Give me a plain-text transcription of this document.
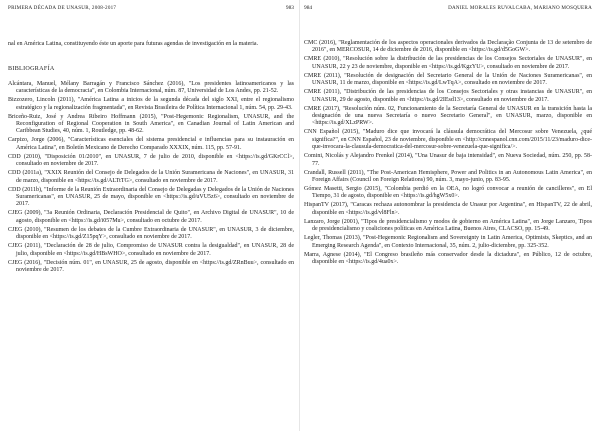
PRIMERA DÉCADA DE UNASUR, 2008-2017	983

nal en América Latina, constituyendo éste un aporte para futuras agendas de investigación en la materia.

BIBLIOGRAFÍA

Alcántara, Manuel, Mélany Barragán y Francisco Sánchez (2016), "Los presidentes latinoamericanos y las características de la democracia", en Colombia Internacional, núm. 87, Universidad de Los Andes, pp. 21-52.

Bizzozero, Lincoln (2011), "América Latina a inicios de la segunda década del siglo XXI, entre el regionalismo estratégico y la regionalización fragmentada", en Revista Brasileira de Política Internacional 1, núm. 54, pp. 29-43.

Briceño-Ruiz, José y Andrea Ribeiro Hoffmann (2015), "Post-Hegemonic Regionalism, UNASUR, and the Reconfiguration of Regional Cooperation in South America", en Canadian Journal of Latin American and Caribbean Studies, 40, núm. 1, Routledge, pp. 48-62.

Carpizo, Jorge (2006), "Características esenciales del sistema presidencial e influencias para su instauración en América Latina", en Boletín Mexicano de Derecho Comparado XXXIX, núm. 115, pp. 57-91.

CDD (2010), "Disposición 01/2010", en UNASUR, 7 de julio de 2010, disponible en <https://is.gd/GKrCCl>, consultado en noviembre de 2017.

CDD (2011a), "XXIX Reunión del Consejo de Delegados de la Unión Suramericana de Naciones", en UNASUR, 31 de marzo, disponible en <https://is.gd/ALTtTG>, consultado en noviembre de 2017.

CDD (2011b), "Informe de la Reunión Extraordinaria del Consejo de Delegadas y Delegados de la Unión de Naciones Suramericanas", en UNASUR, 25 de mayo, disponible en <https://is.gd/uVU5z6>, consultado en noviembre de 2017.

CJEG (2009), "3a Reunión Ordinaria, Declaración Presidencial de Quito", en Archivo Digital de UNASUR", 10 de agosto, disponible en <https://is.gd/i057Mu>, consultado en octubre de 2017.

CJEG (2010), "Resumen de los debates de la Cumbre Extraordinaria de UNASUR", en UNASUR, 3 de diciembre, disponible en <https://is.gd/Z15pqY>, consultado en noviembre de 2017.

CJEG (2011), "Declaración de 28 de julio, Compromiso de UNASUR contra la desigualdad", en UNASUR, 28 de julio, disponible en <https://is.gd/HBsWHO>, consultado en noviembre de 2017.

CJEG (2016), "Decisión núm. 01", en UNASUR, 25 de agosto, disponible en <https://is.gd/ZRnBuu>, consultado en noviembre de 2017.

984	DANIEL MORALES RUVALCABA, MARIANO MOSQUERA

CMC (2016), "Reglamentación de los aspectos operacionales derivados da Declaração Conjunta de 13 de setembro de 2016", en MERCOSUR, 14 de diciembre de 2016, disponible en <https://is.gd/d5GoGW>.

CMRE (2010), "Resolución sobre la distribución de las presidencias de los Consejos Sectoriales de UNASUR", en UNASUR, 22 y 23 de noviembre, disponible en <https://is.gd/KgzYU>, consultado en noviembre de 2017.

CMRE (2011), "Resolución de designación del Secretario General de la Unión de Naciones Suramericanas", en UNASUR, 11 de marzo, disponible en <https://is.gd/LwTqA>, consultado en noviembre de 2017.

CMRE (2011), "Distribución de las presidencias de los Consejos Sectoriales y otras instancias de UNASUR", en UNASUR, 29 de agosto, disponible en <https://is.gd/2IEsd13>, consultado en noviembre de 2017.

CMRE (2017), "Resolución núm. 02, Funcionamiento de la Secretaría General de UNASUR en la transición hasta la designación de una nueva Secretaría o nuevo Secretario General", en UNASUR, marzo, disponible en <https://is.gd/XLzPRW>.

CNN Español (2015), "Maduro dice que invocará la cláusula democrática del Mercosur sobre Venezuela, ¿qué significa?", en CNN Español, 23 de noviembre, disponible en <http://cnnespanol.cnn.com/2015/11/23/maduro-dice-que-invocara-la-clausula-democratica-del-mercosur-sobre-venezuela-que-significa/>.

Comini, Nicolás y Alejandro Frenkel (2014), "Una Unasur de baja intensidad", en Nueva Sociedad, núm. 250, pp. 58-77.

Crandall, Russell (2011), "The Post-American Hemisphere, Power and Politics in an Autonomous Latin America", en Foreign Affairs (Council on Foreign Relations) 90, núm. 3, mayo-junio, pp. 83-95.

Gómez Masetti, Sergio (2015), "Colombia perdió en la OEA, no logró convocar a reunión de cancilleres", en El Tiempo, 31 de agosto, disponible en <https://is.gd/hgW5x0>.

HispanTV (2017), "Caracas rechaza autonombrar la presidencia de Unasur por Argentina", en HispanTV, 22 de abril, disponible en <https://is.gd/vl8Fln>.

Lanzaro, Jorge (2001), "Tipos de presidencialismo y modos de gobierno en América Latina", en Jorge Lanzaro, Tipos de presidencialismo y coaliciones políticas en América Latina, Buenos Aires, CLACSO, pp. 15-49.

Legler, Thomas (2013), "Post-Hegemonic Regionalism and Sovereignty in Latin America, Optimists, Skeptics, and an Emerging Research Agenda", en Contexto Internacional, 35, núm. 2, julio-diciembre, pp. 325-352.

Marra, Agnese (2014), "El Congreso brasileño más conservador desde la dictadura", en Público, 12 de octubre, disponible en <https://is.gd/4ua0x>.
